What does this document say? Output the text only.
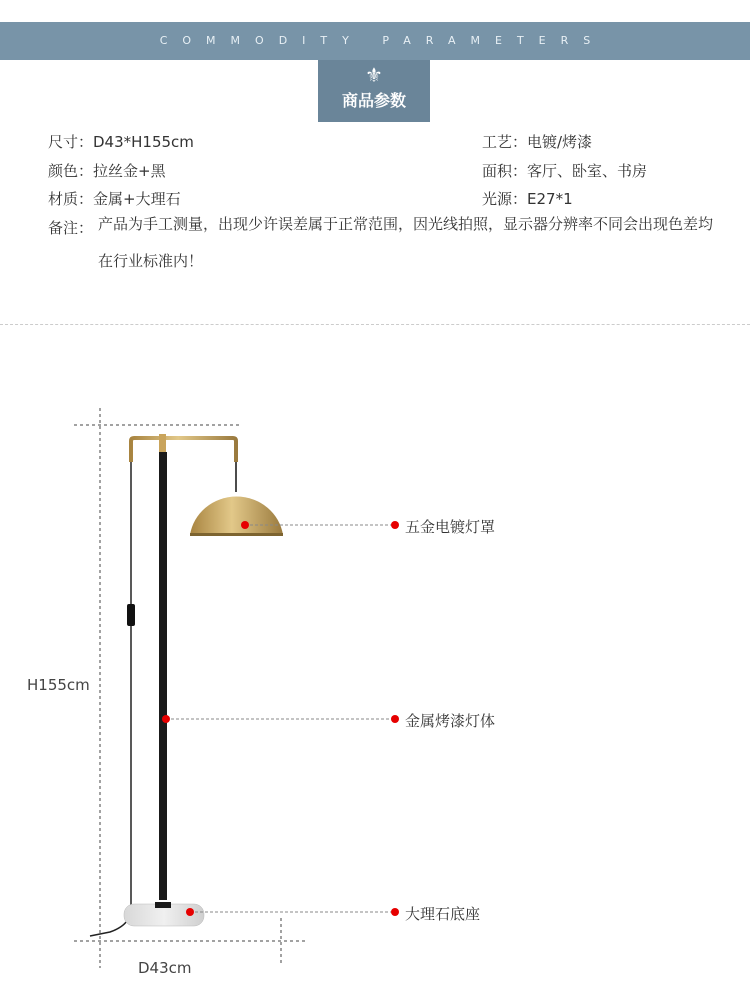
COMMODITY PARAMETERS
⚜
商品参数
尺寸：D43*H155cm	工艺：电镀/烤漆
颜色：拉丝金+黑	面积：客厅、卧室、书房
材质：金属+大理石	光源：E27*1
备注： 产品为手工测量，出现少许误差属于正常范围，因光线拍照，显示器分辨率不同会出现色差均在行业标准内！
五金电镀灯罩
金属烤漆灯体
大理石底座
H155cm
D43cm
